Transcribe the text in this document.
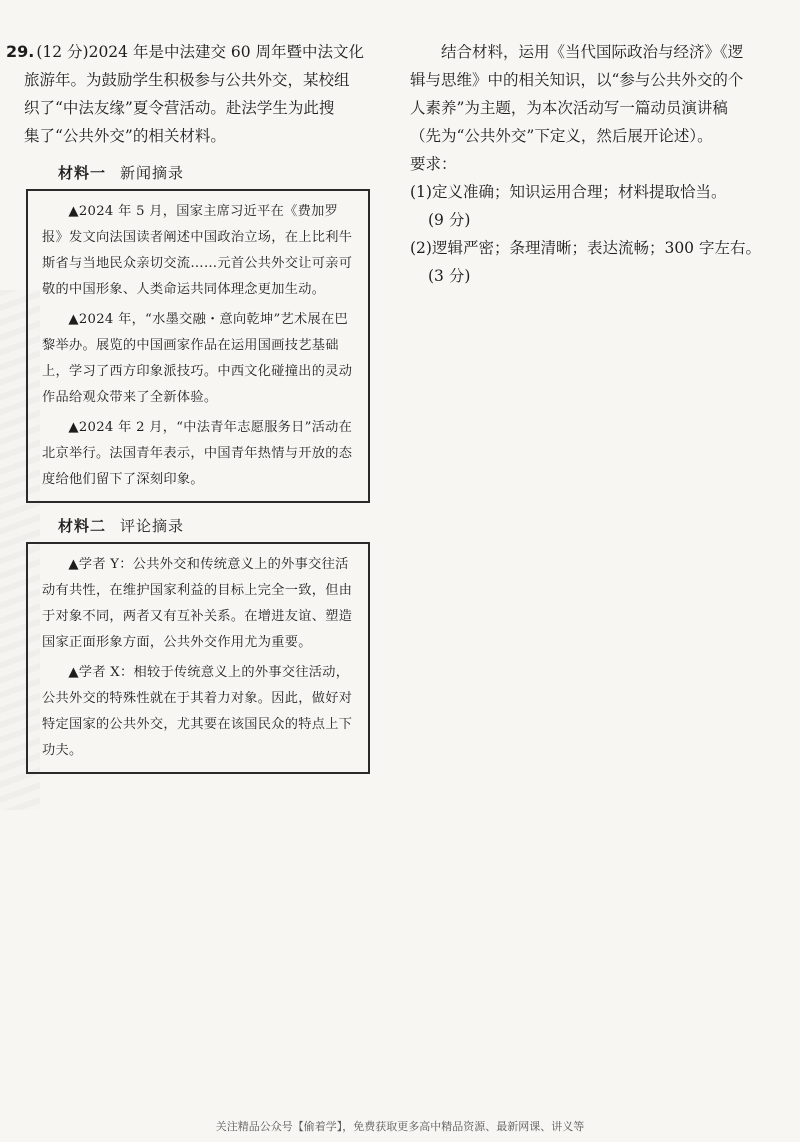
29. (12 分)2024 年是中法建交 60 周年暨中法文化

旅游年。为鼓励学生积极参与公共外交，某校组

织了“中法友缘”夏令营活动。赴法学生为此搜

集了“公共外交”的相关材料。

材料一 新闻摘录

▲2024 年 5 月，国家主席习近平在《费加罗报》发文向法国读者阐述中国政治立场，在上比利牛斯省与当地民众亲切交流……元首公共外交让可亲可敬的中国形象、人类命运共同体理念更加生动。

▲2024 年，“水墨交融・意向乾坤”艺术展在巴黎举办。展览的中国画家作品在运用国画技艺基础上，学习了西方印象派技巧。中西文化碰撞出的灵动作品给观众带来了全新体验。

▲2024 年 2 月，“中法青年志愿服务日”活动在北京举行。法国青年表示，中国青年热情与开放的态度给他们留下了深刻印象。

材料二 评论摘录

▲学者 Y：公共外交和传统意义上的外事交往活动有共性，在维护国家利益的目标上完全一致，但由于对象不同，两者又有互补关系。在增进友谊、塑造国家正面形象方面，公共外交作用尤为重要。

▲学者 X：相较于传统意义上的外事交往活动，公共外交的特殊性就在于其着力对象。因此，做好对特定国家的公共外交，尤其要在该国民众的特点上下功夫。

结合材料，运用《当代国际政治与经济》《逻

辑与思维》中的相关知识，以“参与公共外交的个

人素养”为主题，为本次活动写一篇动员演讲稿

（先为“公共外交”下定义，然后展开论述）。

要求：

(1)定义准确；知识运用合理；材料提取恰当。

(9 分)

(2)逻辑严密；条理清晰；表达流畅；300 字左右。

(3 分)

关注精品公众号【偷着学】，免费获取更多高中精品资源、最新网课、讲义等
